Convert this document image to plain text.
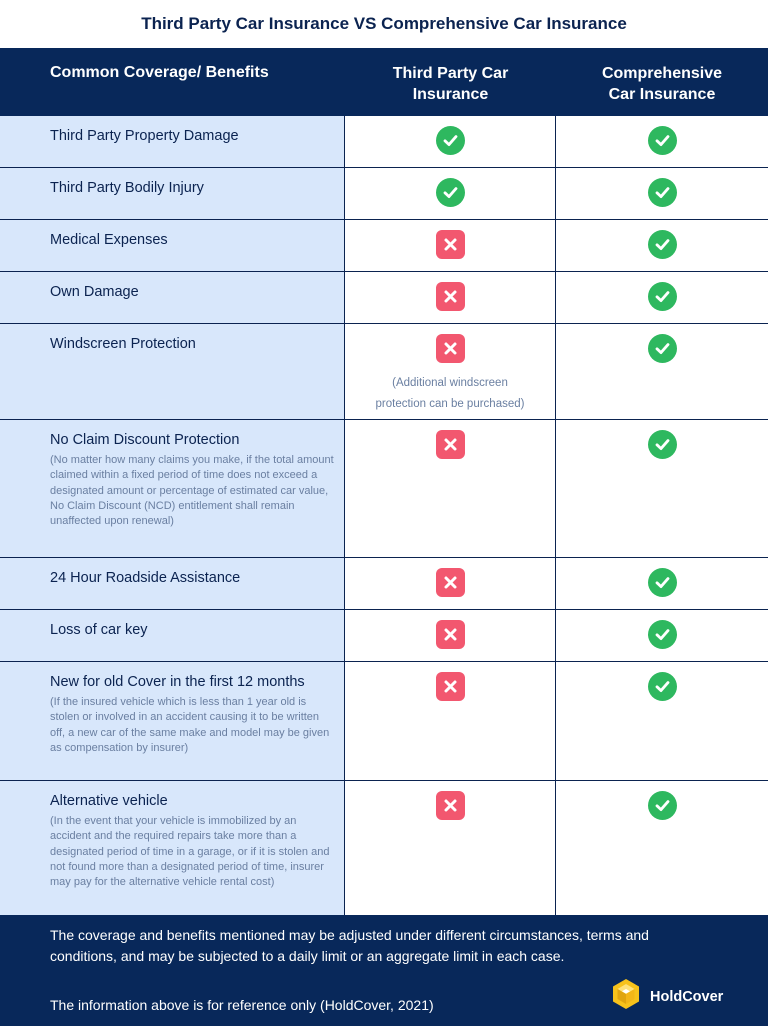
Third Party Car Insurance VS Comprehensive Car Insurance
Common Coverage/ Benefits	Third Party Car
Insurance
Comprehensive
Car Insurance
Third Party Property Damage
Third Party Bodily Injury
Medical Expenses
Own Damage
Windscreen Protection
(Additional windscreen
protection can be purchased)
No Claim Discount Protection
(No matter how many claims you make, if the total amount claimed within a fixed period of time does not exceed a designated amount or percentage of estimated car value, No Claim Discount (NCD) entitlement shall remain unaffected upon renewal)
24 Hour Roadside Assistance
Loss of car key
New for old Cover in the first 12 months
(If the insured vehicle which is less than 1 year old is stolen or involved in an accident causing it to be written off, a new car of the same make and model may be given as compensation by insurer)
Alternative vehicle
(In the event that your vehicle is immobilized by an accident and the required repairs take more than a designated period of time in a garage, or if it is stolen and not found more than a designated period of time, insurer may pay for the alternative vehicle rental cost)
The coverage and benefits mentioned may be adjusted under different circumstances, terms and conditions, and may be subjected to a daily limit or an aggregate limit in each case.
The information above is for reference only (HoldCover, 2021)
HoldCover
